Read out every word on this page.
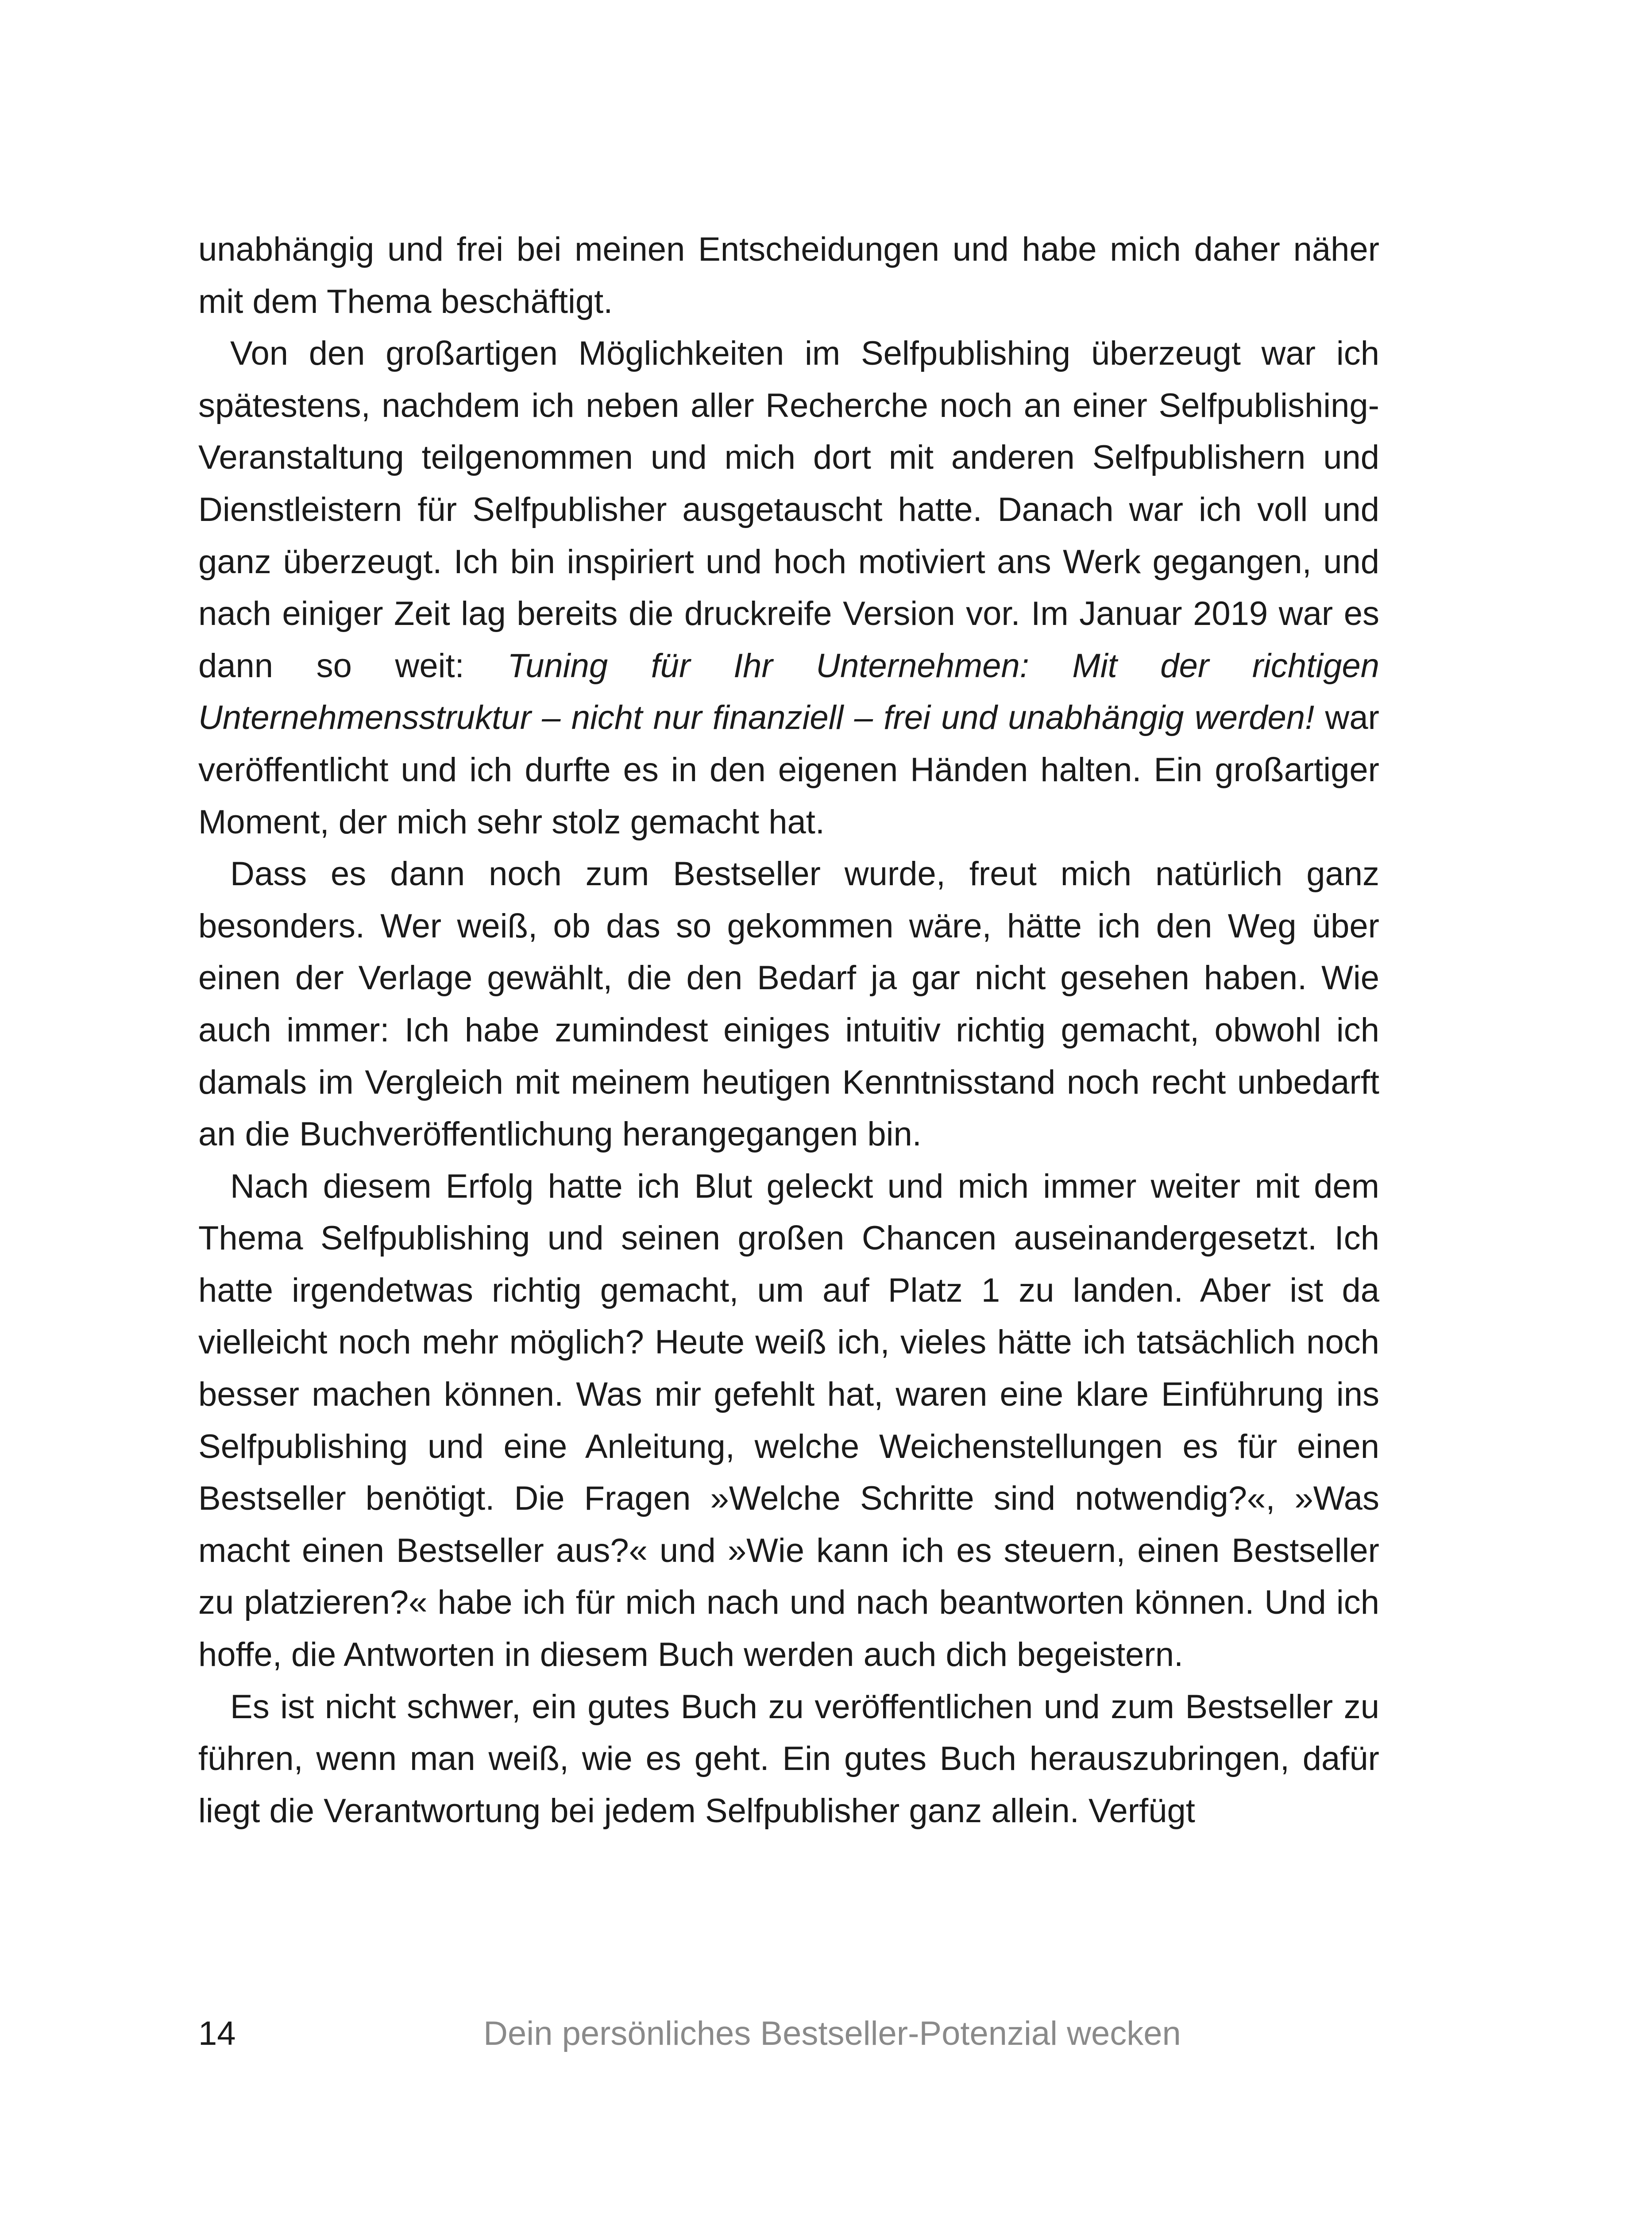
unabhängig und frei bei meinen Entscheidungen und habe mich daher näher mit dem Thema beschäftigt.

Von den großartigen Möglichkeiten im Selfpublishing überzeugt war ich spätestens, nachdem ich neben aller Recherche noch an einer Selfpublishing-Veranstaltung teilgenommen und mich dort mit anderen Selfpublishern und Dienstleistern für Selfpublisher ausgetauscht hatte. Danach war ich voll und ganz überzeugt. Ich bin inspiriert und hoch motiviert ans Werk gegangen, und nach einiger Zeit lag bereits die druckreife Version vor. Im Januar 2019 war es dann so weit: Tuning für Ihr Unternehmen: Mit der richtigen Unternehmensstruktur – nicht nur finanziell – frei und unabhängig werden! war veröffentlicht und ich durfte es in den eigenen Händen halten. Ein großartiger Moment, der mich sehr stolz gemacht hat.

Dass es dann noch zum Bestseller wurde, freut mich natürlich ganz besonders. Wer weiß, ob das so gekommen wäre, hätte ich den Weg über einen der Verlage gewählt, die den Bedarf ja gar nicht gesehen haben. Wie auch immer: Ich habe zumindest einiges intuitiv richtig gemacht, obwohl ich damals im Vergleich mit meinem heutigen Kenntnisstand noch recht unbedarft an die Buchveröffentlichung herangegangen bin.

Nach diesem Erfolg hatte ich Blut geleckt und mich immer weiter mit dem Thema Selfpublishing und seinen großen Chancen auseinandergesetzt. Ich hatte irgendetwas richtig gemacht, um auf Platz 1 zu landen. Aber ist da vielleicht noch mehr möglich? Heute weiß ich, vieles hätte ich tatsächlich noch besser machen können. Was mir gefehlt hat, waren eine klare Einführung ins Selfpublishing und eine Anleitung, welche Weichenstellungen es für einen Bestseller benötigt. Die Fragen »Welche Schritte sind notwendig?«, »Was macht einen Bestseller aus?« und »Wie kann ich es steuern, einen Bestseller zu platzieren?« habe ich für mich nach und nach beantworten können. Und ich hoffe, die Antworten in diesem Buch werden auch dich begeistern.

Es ist nicht schwer, ein gutes Buch zu veröffentlichen und zum Bestseller zu führen, wenn man weiß, wie es geht. Ein gutes Buch herauszubringen, dafür liegt die Verantwortung bei jedem Selfpublisher ganz allein. Verfügt

14	Dein persönliches Bestseller-Potenzial wecken
